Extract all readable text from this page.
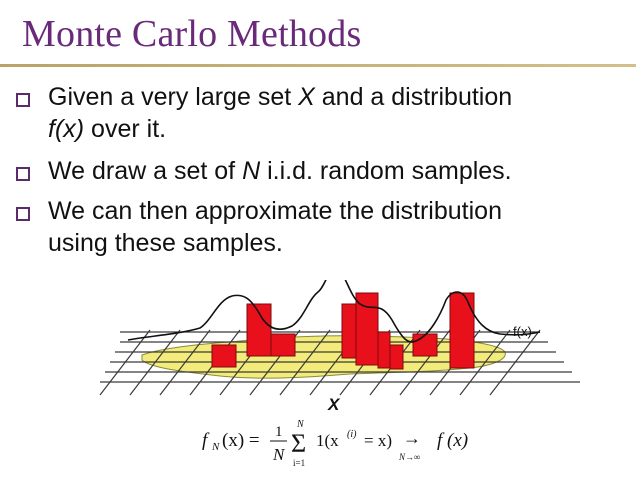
Monte Carlo Methods
Given a very large set X and a distribution
f(x) over it.
We draw a set of N i.i.d. random samples.
We can then approximate the distribution
using these samples.
f(x)
X
f N (x) = 1
N
N
Σ
i=1
1(x (i) = x) →
N→∞
f (x)
